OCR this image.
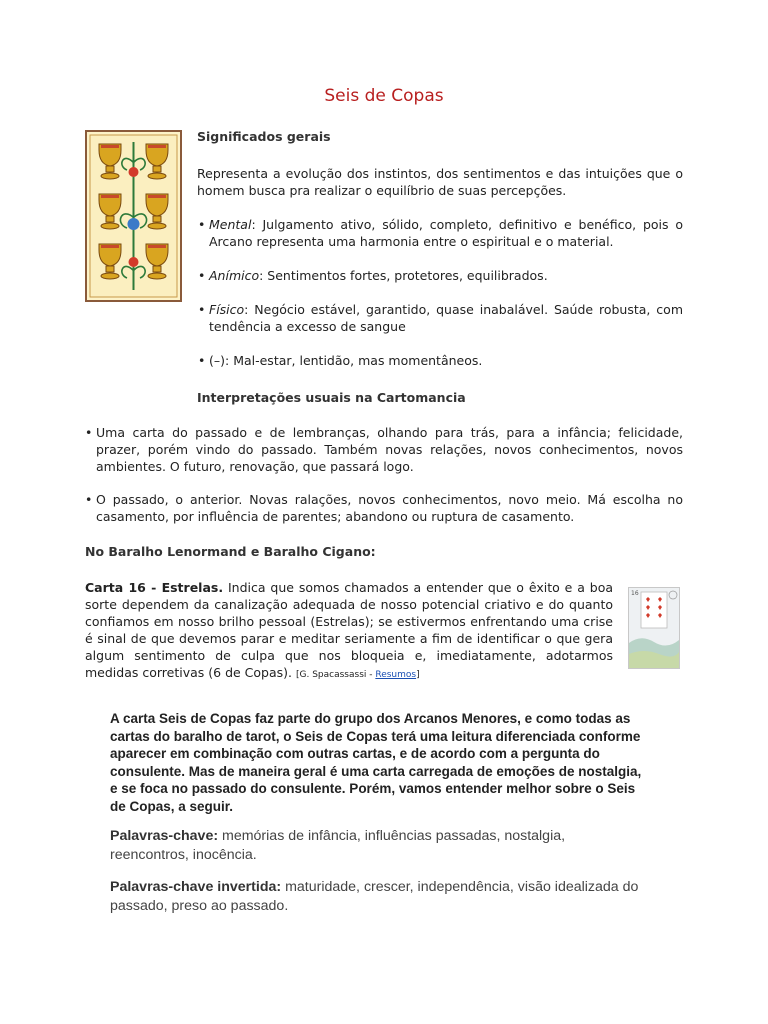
Seis de Copas
Significados gerais
Representa a evolução dos instintos, dos sentimentos e das intuições que o homem busca pra realizar o equilíbrio de suas percepções.
• Mental: Julgamento ativo, sólido, completo, definitivo e benéfico, pois o Arcano representa uma harmonia entre o espiritual e o material.
• Anímico: Sentimentos fortes, protetores, equilibrados.
• Físico: Negócio estável, garantido, quase inabalável. Saúde robusta, com tendência a excesso de sangue
• (–): Mal-estar, lentidão, mas momentâneos.
Interpretações usuais na Cartomancia
• Uma carta do passado e de lembranças, olhando para trás, para a infância; felicidade, prazer, porém vindo do passado. Também novas relações, novos conhecimentos, novos ambientes. O futuro, renovação, que passará logo.
• O passado, o anterior. Novas ralações, novos conhecimentos, novo meio. Má escolha no casamento, por influência de parentes; abandono ou ruptura de casamento.
No Baralho Lenormand e Baralho Cigano:
Carta 16 - Estrelas. Indica que somos chamados a entender que o êxito e a boa sorte dependem da canalização adequada de nosso potencial criativo e do quanto confiamos em nosso brilho pessoal (Estrelas); se estivermos enfrentando uma crise é sinal de que devemos parar e meditar seriamente a fim de identificar o que gera algum sentimento de culpa que nos bloqueia e, imediatamente, adotarmos medidas corretivas (6 de Copas). [G. Spacassassi - Resumos]
16
A carta Seis de Copas faz parte do grupo dos Arcanos Menores, e como todas as cartas do baralho de tarot, o Seis de Copas terá uma leitura diferenciada conforme aparecer em combinação com outras cartas, e de acordo com a pergunta do consulente. Mas de maneira geral é uma carta carregada de emoções de nostalgia, e se foca no passado do consulente. Porém, vamos entender melhor sobre o Seis de Copas, a seguir.
Palavras-chave: memórias de infância, influências passadas, nostalgia, reencontros, inocência.
Palavras-chave invertida: maturidade, crescer, independência, visão idealizada do passado, preso ao passado.
